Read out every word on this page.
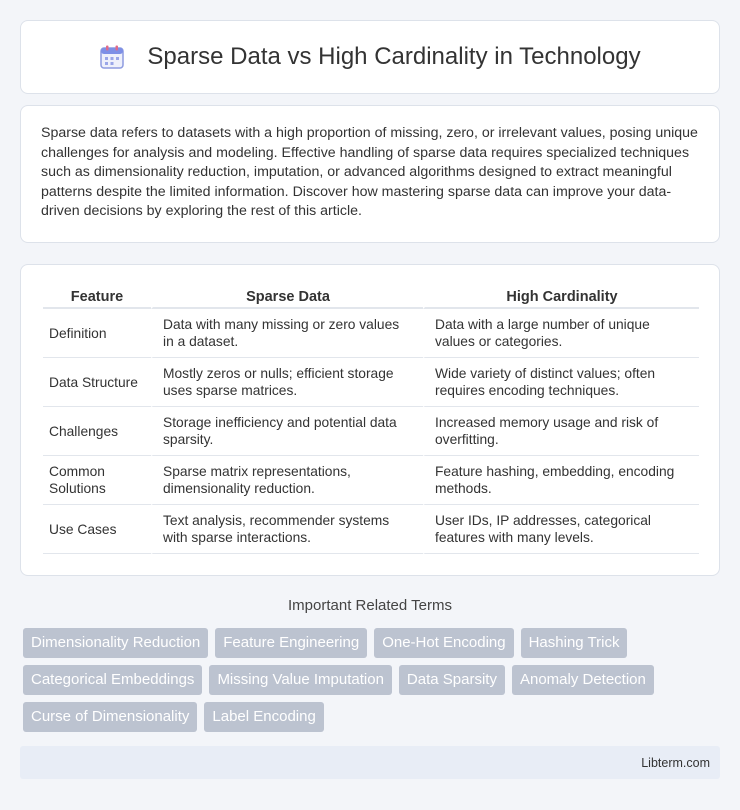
Sparse Data vs High Cardinality in Technology

Sparse data refers to datasets with a high proportion of missing, zero, or irrelevant values, posing unique challenges for analysis and modeling. Effective handling of sparse data requires specialized techniques such as dimensionality reduction, imputation, or advanced algorithms designed to extract meaningful patterns despite the limited information. Discover how mastering sparse data can improve your data-driven decisions by exploring the rest of this article.

Feature	Sparse Data	High Cardinality
Definition	Data with many missing or zero values in a dataset.	Data with a large number of unique values or categories.
Data Structure	Mostly zeros or nulls; efficient storage uses sparse matrices.	Wide variety of distinct values; often requires encoding techniques.
Challenges	Storage inefficiency and potential data sparsity.	Increased memory usage and risk of overfitting.
Common Solutions	Sparse matrix representations, dimensionality reduction.	Feature hashing, embedding, encoding methods.
Use Cases	Text analysis, recommender systems with sparse interactions.	User IDs, IP addresses, categorical features with many levels.
Important Related Terms
Dimensionality Reduction	Feature Engineering	One-Hot Encoding	Hashing Trick
Categorical Embeddings	Missing Value Imputation	Data Sparsity	Anomaly Detection
Curse of Dimensionality	Label Encoding
Libterm.com
